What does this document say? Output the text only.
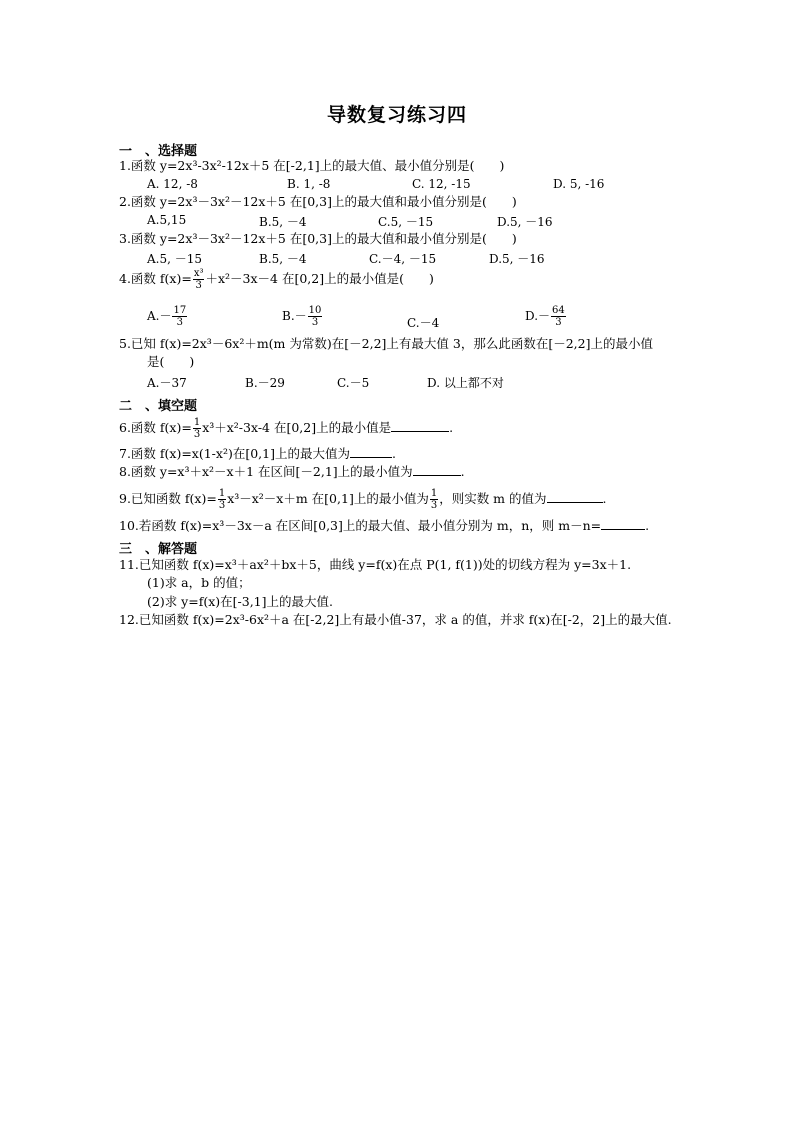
导数复习练习四
一　、选择题
1.函数 y=2x³-3x²-12x＋5 在[-2,1]上的最大值、最小值分别是(　　)
A. 12, -8	B. 1, -8	C. 12, -15	D. 5, -16
2.函数 y=2x³－3x²－12x＋5 在[0,3]上的最大值和最小值分别是(　　)
A.5,15	B.5, －4	C.5, －15	D.5, －16
3.函数 y=2x³－3x²－12x＋5 在[0,3]上的最大值和最小值分别是(　　)
A.5, －15	B.5, －4	C.－4, －15	D.5, －16
4.函数 $f(x)= \frac{\text{x³}}{3} +x^2-3x-4$ 在[0,2]上的最小值是(　　)
$A.- \frac{17}{3}$	$B.- \frac{10}{3}$	C.－4	$D.- \frac{64}{3}$
5.已知 f(x)=2x³－6x²＋m(m 为常数)在[－2,2]上有最大值 3，那么此函数在[－2,2]上的最小值
是(　　)
A.－37	B.－29	C.－5	D. 以上都不对
二　、填空题
6.函数 $f(x)= \frac{1}{3} x^3+x^2-3x-4$ 在[0,2]上的最小值是	.
7.函数 f(x)=x(1-x²)在[0,1]上的最大值为	.
8.函数 y=x³＋x²－x＋1 在区间[－2,1]上的最小值为	.
9.已知函数 $f(x)= \frac{1}{3} x^3-x^2-x+m$ 在[0,1]上的最小值为 $\frac{1}{3}$ ，则实数 m 的值为	.
10.若函数 f(x)=x³－3x－a 在区间[0,3]上的最大值、最小值分别为 m，n，则 m－n=	.
三　、解答题
11.已知函数 f(x)=x³＋ax²＋bx＋5，曲线 y=f(x)在点 P(1, f(1))处的切线方程为 y=3x＋1.
(1)求 a，b 的值；
(2)求 y=f(x)在[-3,1]上的最大值.
12.已知函数 f(x)=2x³-6x²＋a 在[-2,2]上有最小值-37，求 a 的值，并求 f(x)在[-2，2]上的最大值.
